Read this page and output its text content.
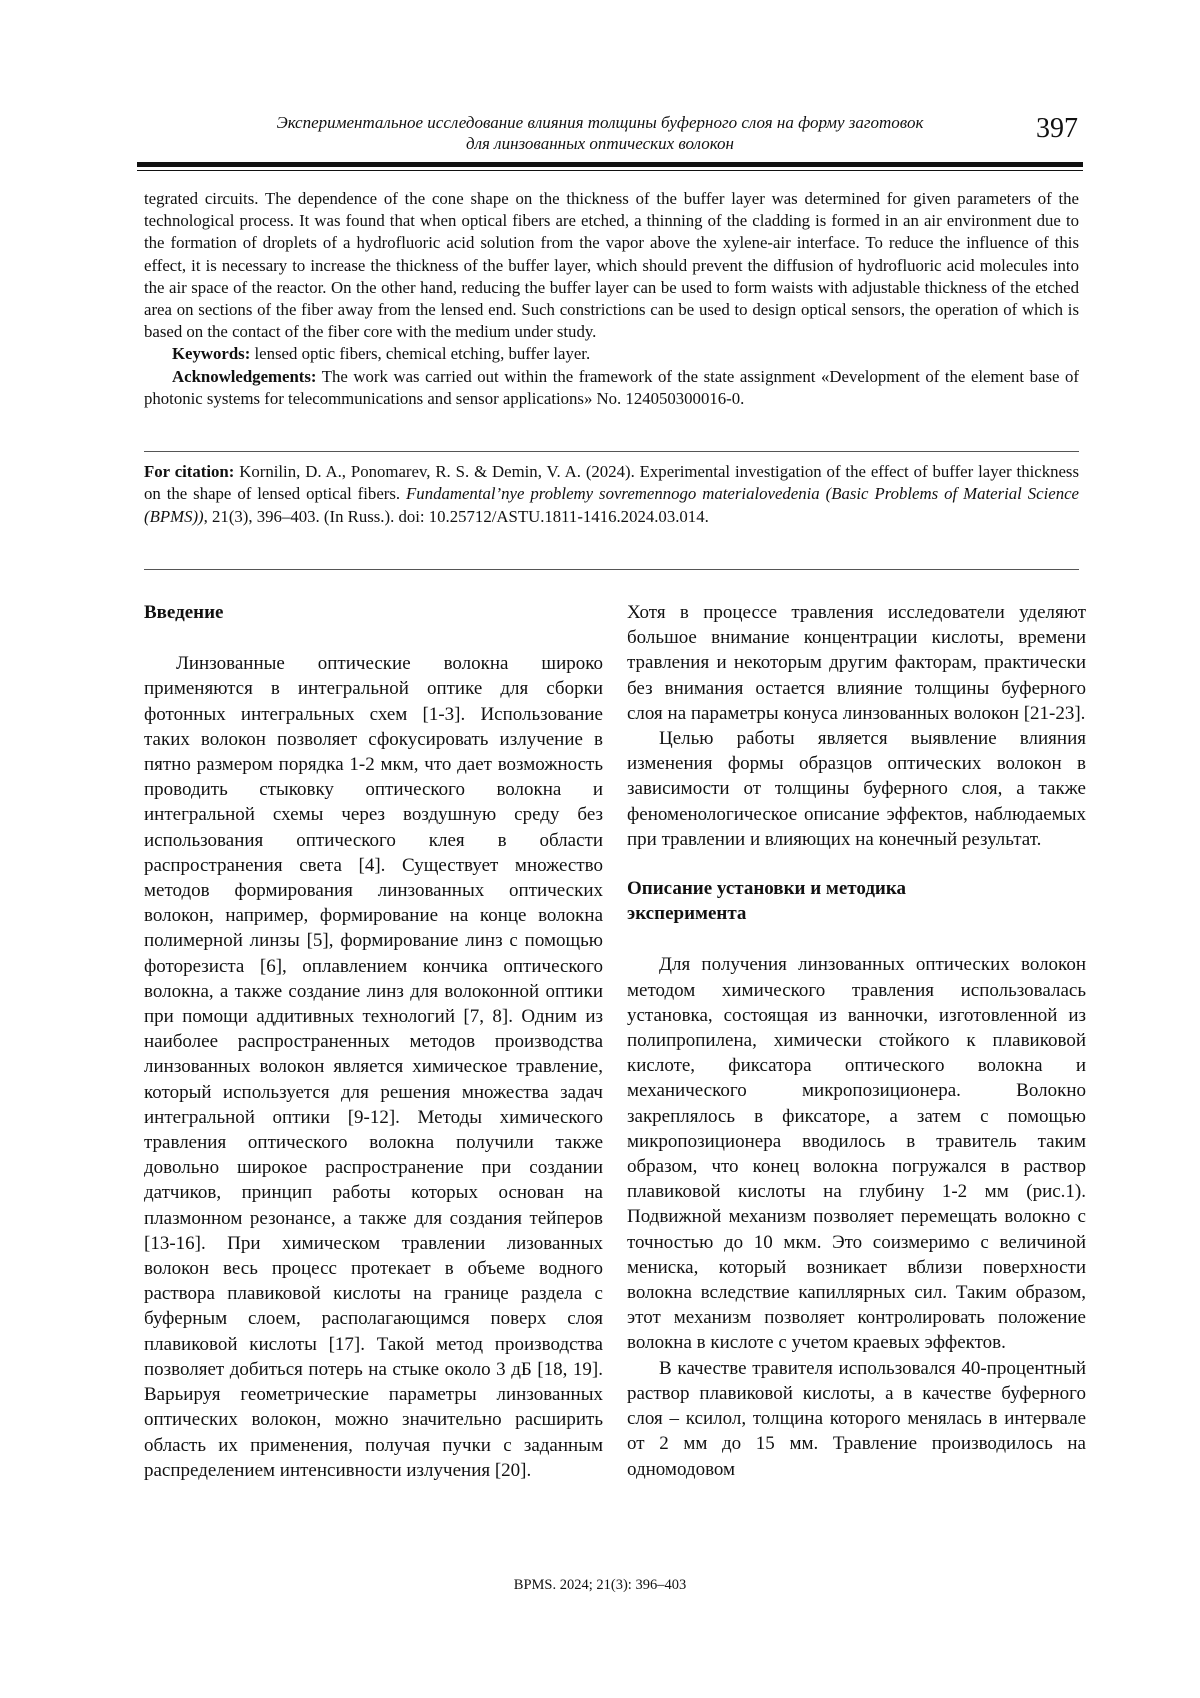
Экспериментальное исследование влияния толщины буферного слоя на форму заготовок
для линзованных оптических волокон	397

tegrated circuits. The dependence of the cone shape on the thickness of the buffer layer was determined for given parameters of the technological process. It was found that when optical fibers are etched, a thinning of the cladding is formed in an air environment due to the formation of droplets of a hydrofluoric acid solution from the vapor above the xylene-air interface. To reduce the influence of this effect, it is necessary to increase the thickness of the buffer layer, which should prevent the diffusion of hydrofluoric acid molecules into the air space of the reactor. On the other hand, reducing the buffer layer can be used to form waists with adjustable thickness of the etched area on sections of the fiber away from the lensed end. Such constrictions can be used to design optical sensors, the operation of which is based on the contact of the fiber core with the medium under study.

Keywords: lensed optic fibers, chemical etching, buffer layer.

Acknowledgements: The work was carried out within the framework of the state assignment «Development of the element base of photonic systems for telecommunications and sensor applications» No. 124050300016-0.

For citation: Kornilin, D. A., Ponomarev, R. S. & Demin, V. A. (2024). Experimental investigation of the effect of buffer layer thickness on the shape of lensed optical fibers. Fundamental’nye problemy sovremennogo materialovedenia (Basic Problems of Material Science (BPMS)), 21(3), 396–403. (In Russ.). doi: 10.25712/ASTU.1811-1416.2024.03.014.

Введение

Линзованные оптические волокна широко применяются в интегральной оптике для сборки фотонных интегральных схем [1-3]. Использование таких волокон позволяет сфокусировать излучение в пятно размером порядка 1-2 мкм, что дает возможность проводить стыковку оптического волокна и интегральной схемы через воздушную среду без использования оптического клея в области распространения света [4]. Существует множество методов формирования линзованных оптических волокон, например, формирование на конце волокна полимерной линзы [5], формирование линз с помощью фоторезиста [6], оплавлением кончика оптического волокна, а также создание линз для волоконной оптики при помощи аддитивных технологий [7, 8]. Одним из наиболее распространенных методов производства линзованных волокон является химическое травление, который используется для решения множества задач интегральной оптики [9-12]. Методы химического травления оптического волокна получили также довольно широкое распространение при создании датчиков, принцип работы которых основан на плазмонном резонансе, а также для создания тейперов [13-16]. При химическом травлении лизованных волокон весь процесс протекает в объеме водного раствора плавиковой кислоты на границе раздела с буферным слоем, располагающимся поверх слоя плавиковой кислоты [17]. Такой метод производства позволяет добиться потерь на стыке около 3 дБ [18, 19]. Варьируя геометрические параметры линзованных оптических волокон, можно значительно расширить область их применения, получая пучки с заданным распределением интенсивности излучения [20].

Хотя в процессе травления исследователи уделяют большое внимание концентрации кислоты, времени травления и некоторым другим факторам, практически без внимания остается влияние толщины буферного слоя на параметры конуса линзованных волокон [21-23].

Целью работы является выявление влияния изменения формы образцов оптических волокон в зависимости от толщины буферного слоя, а также феноменологическое описание эффектов, наблюдаемых при травлении и влияющих на конечный результат.

Описание установки и методика

эксперимента

Для получения линзованных оптических волокон методом химического травления использовалась установка, состоящая из ванночки, изготовленной из полипропилена, химически стойкого к плавиковой кислоте, фиксатора оптического волокна и механического микропозиционера. Волокно закреплялось в фиксаторе, а затем с помощью микропозиционера вводилось в травитель таким образом, что конец волокна погружался в раствор плавиковой кислоты на глубину 1-2 мм (рис.1). Подвижной механизм позволяет перемещать волокно с точностью до 10 мкм. Это соизмеримо с величиной мениска, который возникает вблизи поверхности волокна вследствие капиллярных сил. Таким образом, этот механизм позволяет контролировать положение волокна в кислоте с учетом краевых эффектов.

В качестве травителя использовался 40-процентный раствор плавиковой кислоты, а в качестве буферного слоя – ксилол, толщина которого менялась в интервале от 2 мм до 15 мм. Травление производилось на одномодовом

BPMS. 2024; 21(3): 396–403
